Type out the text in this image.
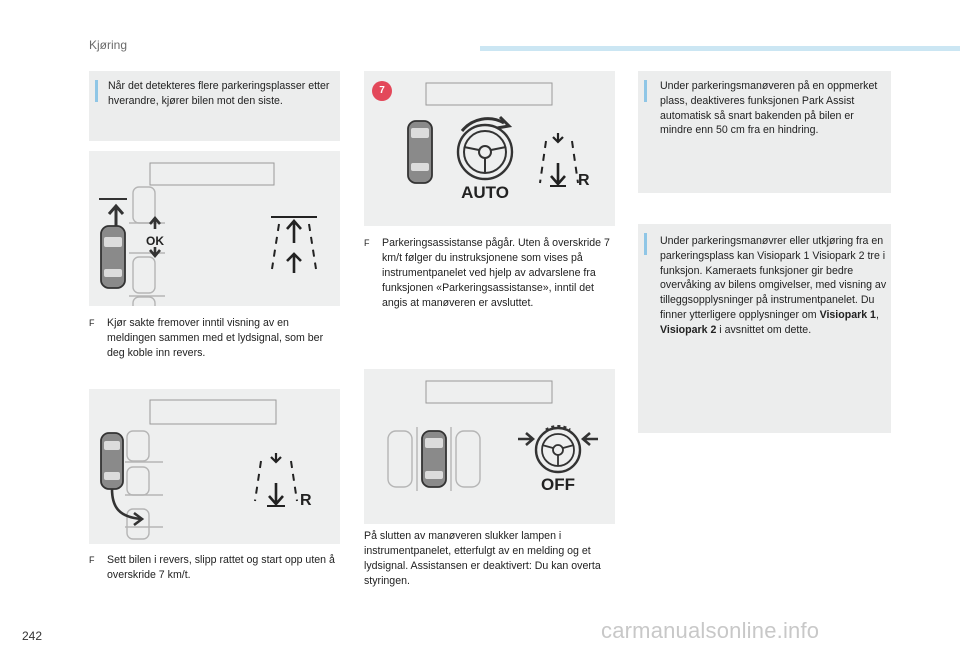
Kjøring
Når det detekteres flere parkeringsplasser etter hverandre, kjører bilen mot den siste.
OK
F Kjør sakte fremover inntil visning av en meldingen sammen med et lydsignal, som ber deg koble inn revers.
R
F Sett bilen i revers, slipp rattet og start opp uten å overskride 7 km/t.
7
AUTO
R
F Parkeringsassistanse pågår. Uten å overskride 7 km/t følger du instruksjonene som vises på instrumentpanelet ved hjelp av advarslene fra funksjonen «Parkeringsassistanse», inntil det angis at manøveren er avsluttet.
OFF
På slutten av manøveren slukker lampen i instrumentpanelet, etterfulgt av en melding og et lydsignal. Assistansen er deaktivert: Du kan overta styringen.
Under parkeringsmanøveren på en oppmerket plass, deaktiveres funksjonen Park Assist automatisk så snart bakenden på bilen er mindre enn 50 cm fra en hindring.
Under parkeringsmanøvrer eller utkjøring fra en parkeringsplass kan Visiopark 1 Visiopark 2 tre i funksjon. Kameraets funksjoner gir bedre overvåking av bilens omgivelser, med visning av tilleggsopplysninger på instrumentpanelet. Du finner ytterligere opplysninger om Visiopark 1, Visiopark 2 i avsnittet om dette.
242	carmanualsonline.info
